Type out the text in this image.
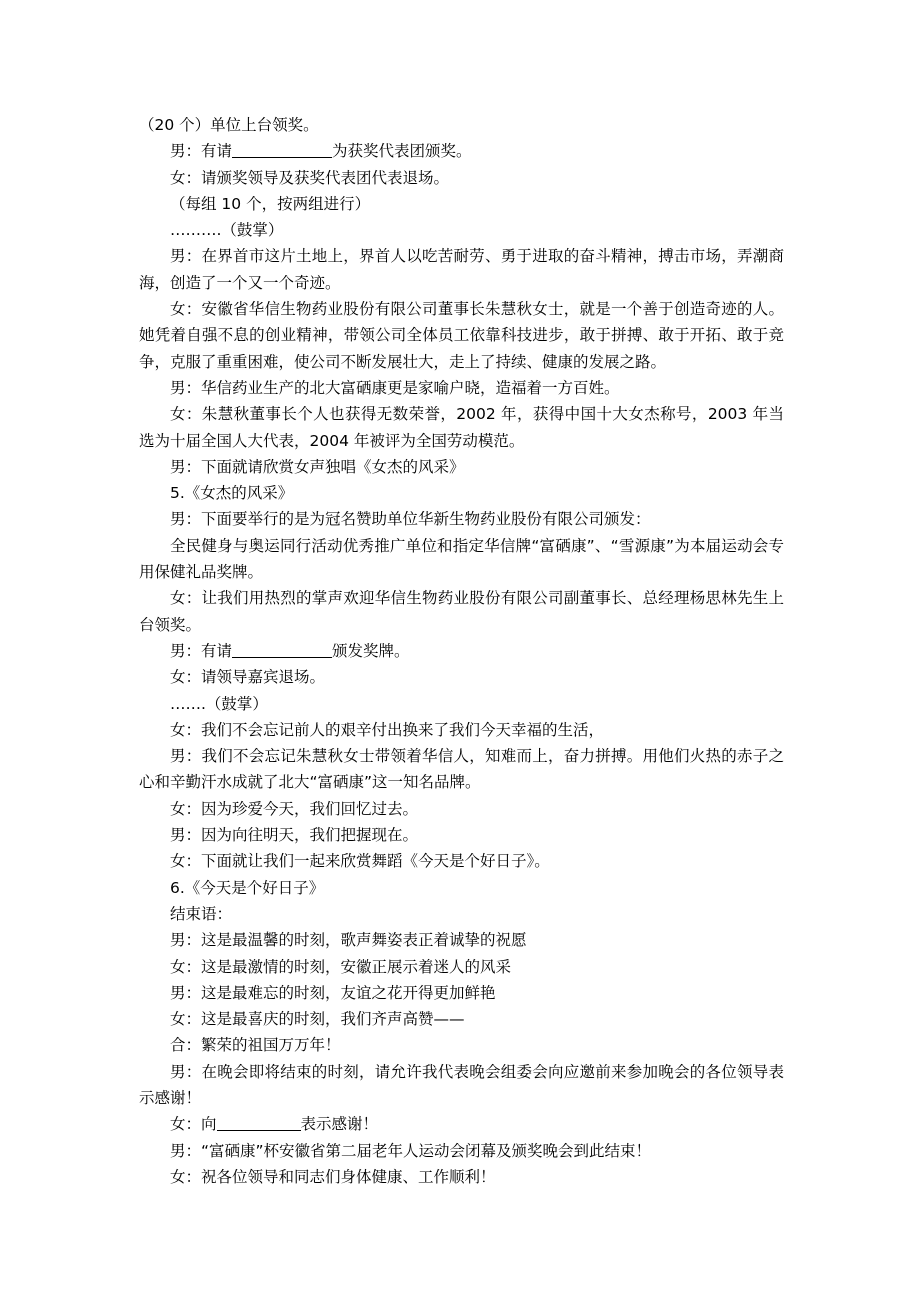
（20 个）单位上台领奖。

男：有请	为获奖代表团颁奖。

女：请颁奖领导及获奖代表团代表退场。

（每组 10 个，按两组进行）

……….（鼓掌）

男：在界首市这片土地上，界首人以吃苦耐劳、勇于进取的奋斗精神，搏击市场，弄潮商海，创造了一个又一个奇迹。

女：安徽省华信生物药业股份有限公司董事长朱慧秋女士，就是一个善于创造奇迹的人。她凭着自强不息的创业精神，带领公司全体员工依靠科技进步，敢于拼搏、敢于开拓、敢于竞争，克服了重重困难，使公司不断发展壮大，走上了持续、健康的发展之路。

男：华信药业生产的北大富硒康更是家喻户晓，造福着一方百姓。

女：朱慧秋董事长个人也获得无数荣誉，2002 年，获得中国十大女杰称号，2003 年当选为十届全国人大代表，2004 年被评为全国劳动模范。

男：下面就请欣赏女声独唱《女杰的风采》

5.《女杰的风采》

男：下面要举行的是为冠名赞助单位华新生物药业股份有限公司颁发：

全民健身与奥运同行活动优秀推广单位和指定华信牌“富硒康”、“雪源康”为本届运动会专用保健礼品奖牌。

女：让我们用热烈的掌声欢迎华信生物药业股份有限公司副董事长、总经理杨思林先生上台领奖。

男：有请	颁发奖牌。

女：请领导嘉宾退场。

…….（鼓掌）

女：我们不会忘记前人的艰辛付出换来了我们今天幸福的生活，

男：我们不会忘记朱慧秋女士带领着华信人，知难而上，奋力拼搏。用他们火热的赤子之心和辛勤汗水成就了北大“富硒康”这一知名品牌。

女：因为珍爱今天，我们回忆过去。

男：因为向往明天，我们把握现在。

女：下面就让我们一起来欣赏舞蹈《今天是个好日子》。

6.《今天是个好日子》

结束语：

男：这是最温馨的时刻，歌声舞姿表正着诚挚的祝愿

女：这是最激情的时刻，安徽正展示着迷人的风采

男：这是最难忘的时刻，友谊之花开得更加鲜艳

女：这是最喜庆的时刻，我们齐声高赞——

合：繁荣的祖国万万年！

男：在晚会即将结束的时刻，请允许我代表晚会组委会向应邀前来参加晚会的各位领导表示感谢！

女：向	表示感谢！

男：“富硒康”杯安徽省第二届老年人运动会闭幕及颁奖晚会到此结束！

女：祝各位领导和同志们身体健康、工作顺利！
